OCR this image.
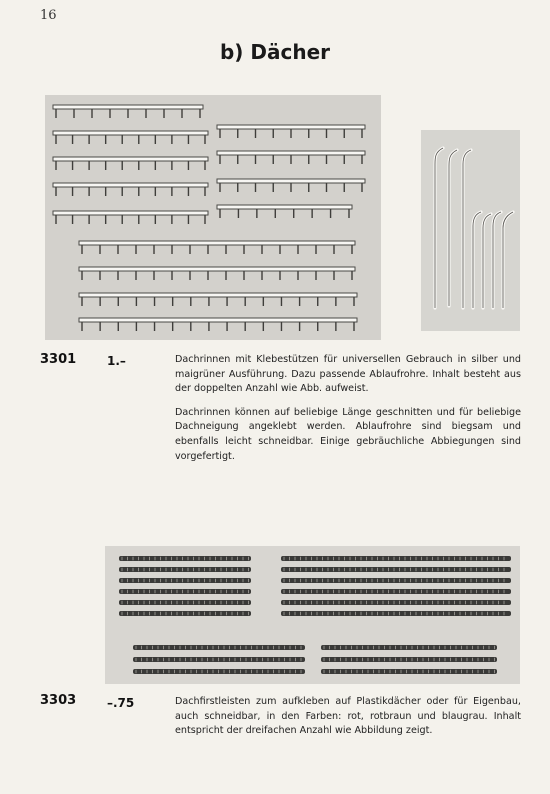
16
b) Dächer
3301	1.–	Dachrinnen mit Klebestützen für universellen Gebrauch in silber und maigrüner Ausführung. Dazu passende Ablaufrohre. Inhalt besteht aus der doppelten Anzahl wie Abb. aufweist.

Dachrinnen können auf beliebige Länge geschnitten und für beliebige Dachneigung angeklebt werden. Ablaufrohre sind biegsam und ebenfalls leicht schneidbar. Einige gebräuchliche Abbiegungen sind vorgefertigt.

3303	–.75	Dachfirstleisten zum aufkleben auf Plastikdächer oder für Eigenbau, auch schneidbar, in den Farben: rot, rotbraun und blaugrau. Inhalt entspricht der dreifachen Anzahl wie Abbildung zeigt.
